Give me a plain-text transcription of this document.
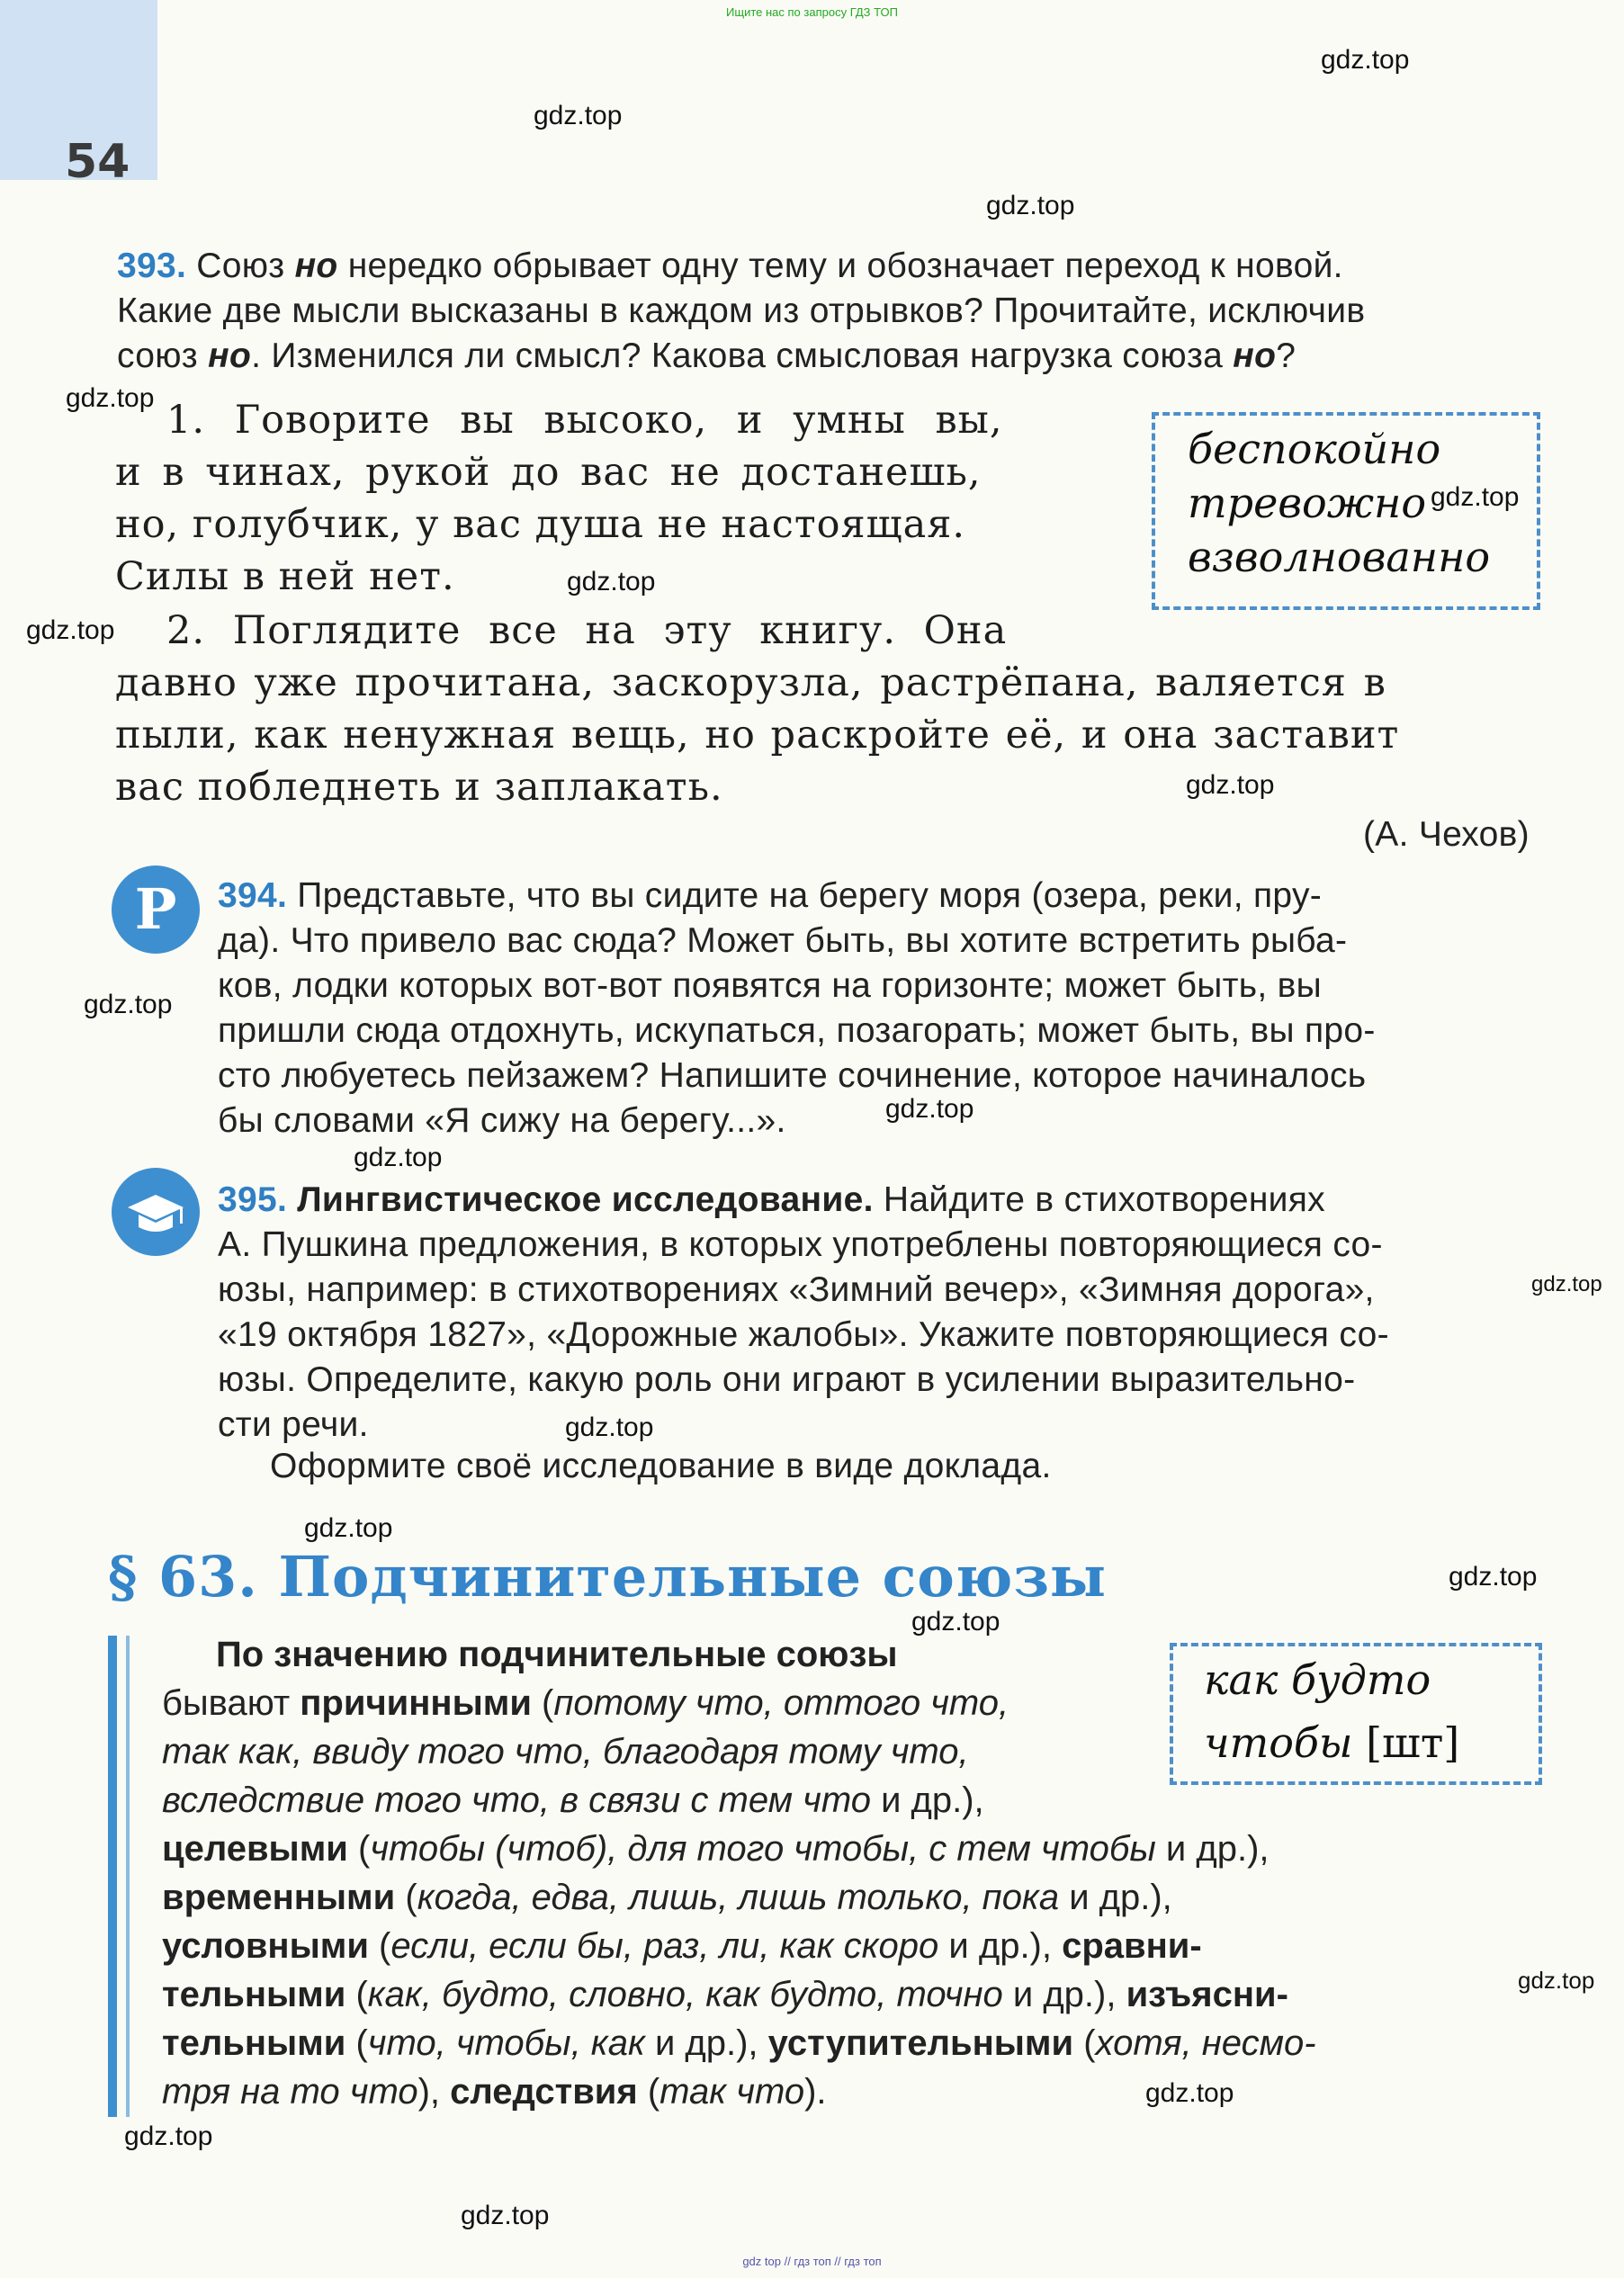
Ищите нас по запросу ГДЗ ТОП
54
393. Союз но нередко обрывает одну тему и обозначает переход к новой.
Какие две мысли высказаны в каждом из отрывков? Прочитайте, исключив
союз но. Изменился ли смысл? Какова смысловая нагрузка союза но?
1. Говорите вы высоко, и умны вы,
и в чинах, рукой до вас не достанешь,
но, голубчик, у вас душа не настоящая.
Силы в ней нет.
2. Поглядите все на эту книгу. Она
давно уже прочитана, заскорузла, растрёпана, валяется в
пыли, как ненужная вещь, но раскройте её, и она заставит
вас побледнеть и заплакать.
(А. Чехов)
беспокойно
тревожно
взволнованно
Р	394. Представьте, что вы сидите на берегу моря (озера, реки, пру-
да). Что привело вас сюда? Может быть, вы хотите встретить рыба-
ков, лодки которых вот-вот появятся на горизонте; может быть, вы
пришли сюда отдохнуть, искупаться, позагорать; может быть, вы про-
сто любуетесь пейзажем? Напишите сочинение, которое начиналось
бы словами «Я сижу на берегу...».
395. Лингвистическое исследование. Найдите в стихотворениях
А. Пушкина предложения, в которых употреблены повторяющиеся со-
юзы, например: в стихотворениях «Зимний вечер», «Зимняя дорога»,
«19 октября 1827», «Дорожные жалобы». Укажите повторяющиеся со-
юзы. Определите, какую роль они играют в усилении выразительно-
сти речи.
Оформите своё исследование в виде доклада.
§ 63. Подчинительные союзы
По значению подчинительные союзы
бывают причинными (потому что, оттого что,
так как, ввиду того что, благодаря тому что,
вследствие того что, в связи с тем что и др.),
целевыми (чтобы (чтоб), для того чтобы, с тем чтобы и др.),
временными (когда, едва, лишь, лишь только, пока и др.),
условными (если, если бы, раз, ли, как скоро и др.), сравни-
тельными (как, будто, словно, как будто, точно и др.), изъясни-
тельными (что, чтобы, как и др.), уступительными (хотя, несмо-
тря на то что), следствия (так что).
как будто
чтобы [шт]
gdz top // гдз топ // гдз топ
gdz.top
gdz.top
gdz.top
gdz.top
gdz.top
gdz.top
gdz.top
gdz.top
gdz.top
gdz.top
gdz.top
gdz.top
gdz.top
gdz.top
gdz.top
gdz.top
gdz.top
gdz.top
gdz.top
gdz.top
